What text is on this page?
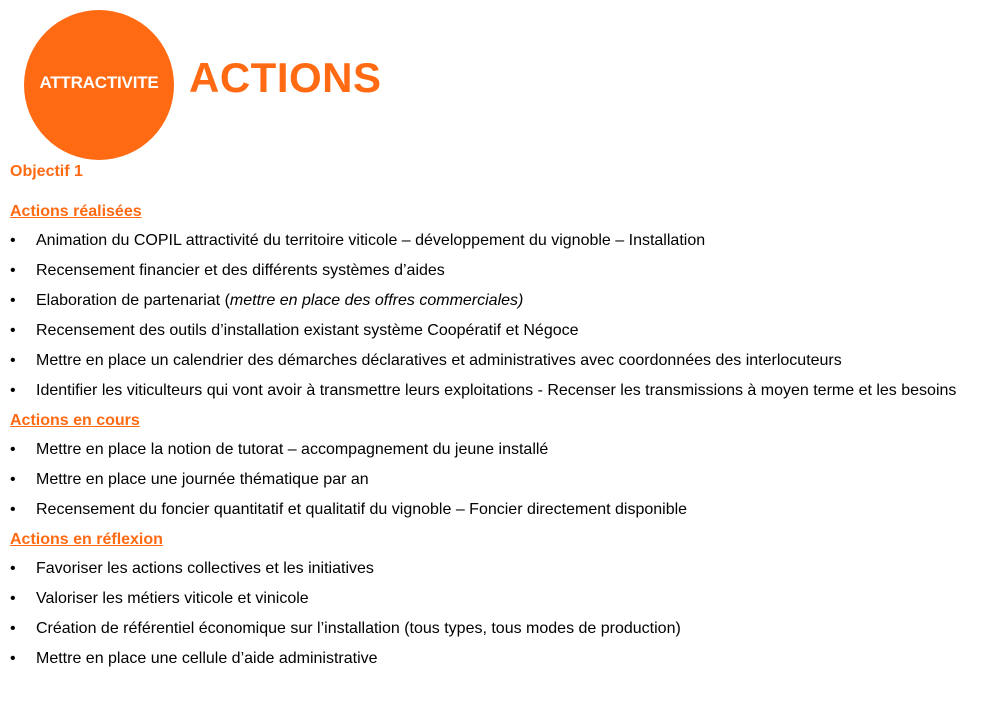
ATTRACTIVITE ACTIONS
Objectif 1
Actions réalisées
• Animation du COPIL attractivité du territoire viticole – développement du vignoble – Installation
• Recensement financier et des différents systèmes d’aides
• Elaboration de partenariat (mettre en place des offres commerciales)
• Recensement des outils d’installation existant système Coopératif et Négoce
• Mettre en place un calendrier des démarches déclaratives et administratives avec coordonnées des interlocuteurs
• Identifier les viticulteurs qui vont avoir à transmettre leurs exploitations - Recenser les transmissions à moyen terme et les besoins
Actions en cours
• Mettre en place la notion de tutorat – accompagnement du jeune installé
• Mettre en place une journée thématique par an
• Recensement du foncier quantitatif et qualitatif du vignoble – Foncier directement disponible
Actions en réflexion
• Favoriser les actions collectives et les initiatives
• Valoriser les métiers viticole et vinicole
• Création de référentiel économique sur l’installation (tous types, tous modes de production)
• Mettre en place une cellule d’aide administrative
